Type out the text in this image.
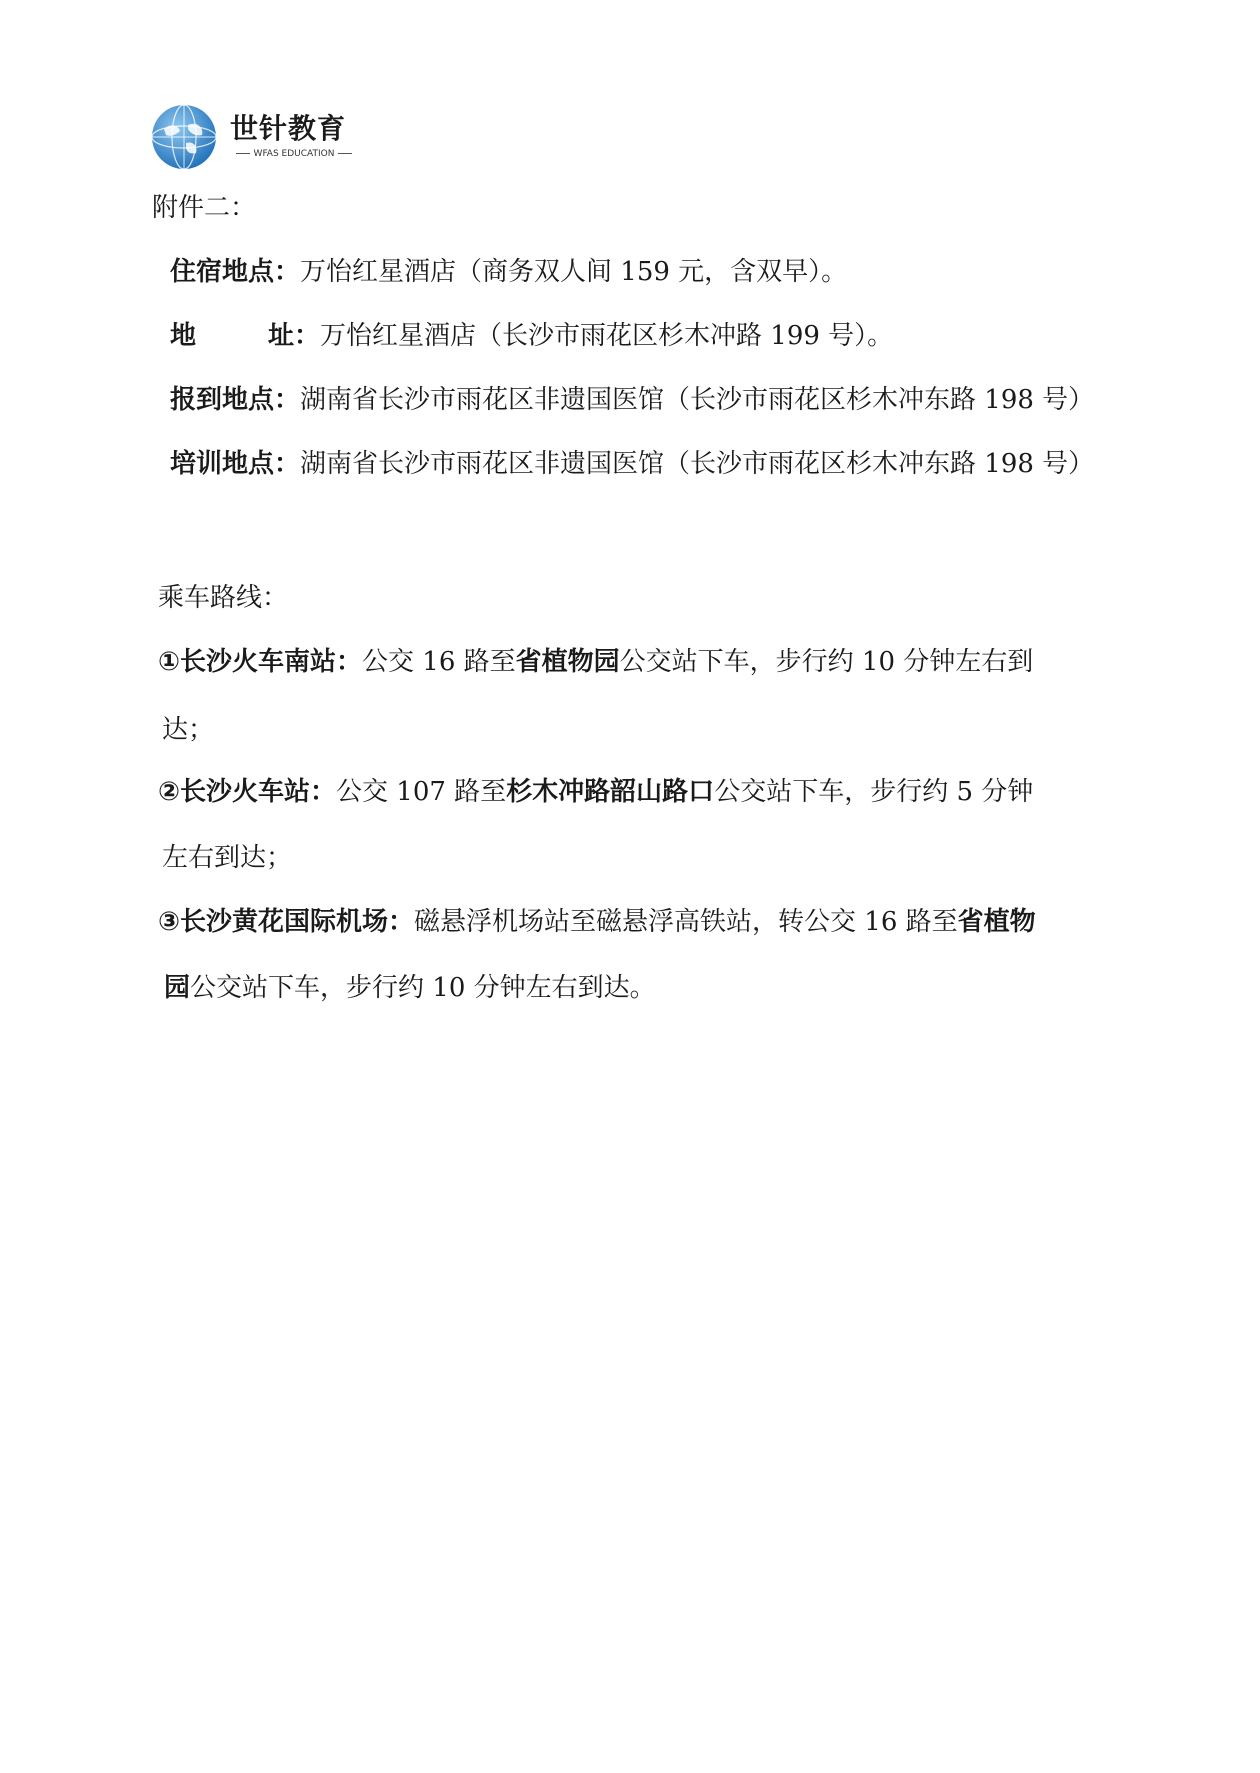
世针教育
WFAS EDUCATION
附件二：
住宿地点：万怡红星酒店（商务双人间 159 元，含双早）。
地	址：万怡红星酒店（长沙市雨花区杉木冲路 199 号）。
报到地点：湖南省长沙市雨花区非遗国医馆（长沙市雨花区杉木冲东路 198 号）
培训地点：湖南省长沙市雨花区非遗国医馆（长沙市雨花区杉木冲东路 198 号）
乘车路线：
①长沙火车南站：公交 16 路至省植物园公交站下车，步行约 10 分钟左右到
达；
②长沙火车站：公交 107 路至杉木冲路韶山路口公交站下车，步行约 5 分钟
左右到达；
③长沙黄花国际机场：磁悬浮机场站至磁悬浮高铁站，转公交 16 路至省植物
园公交站下车，步行约 10 分钟左右到达。
